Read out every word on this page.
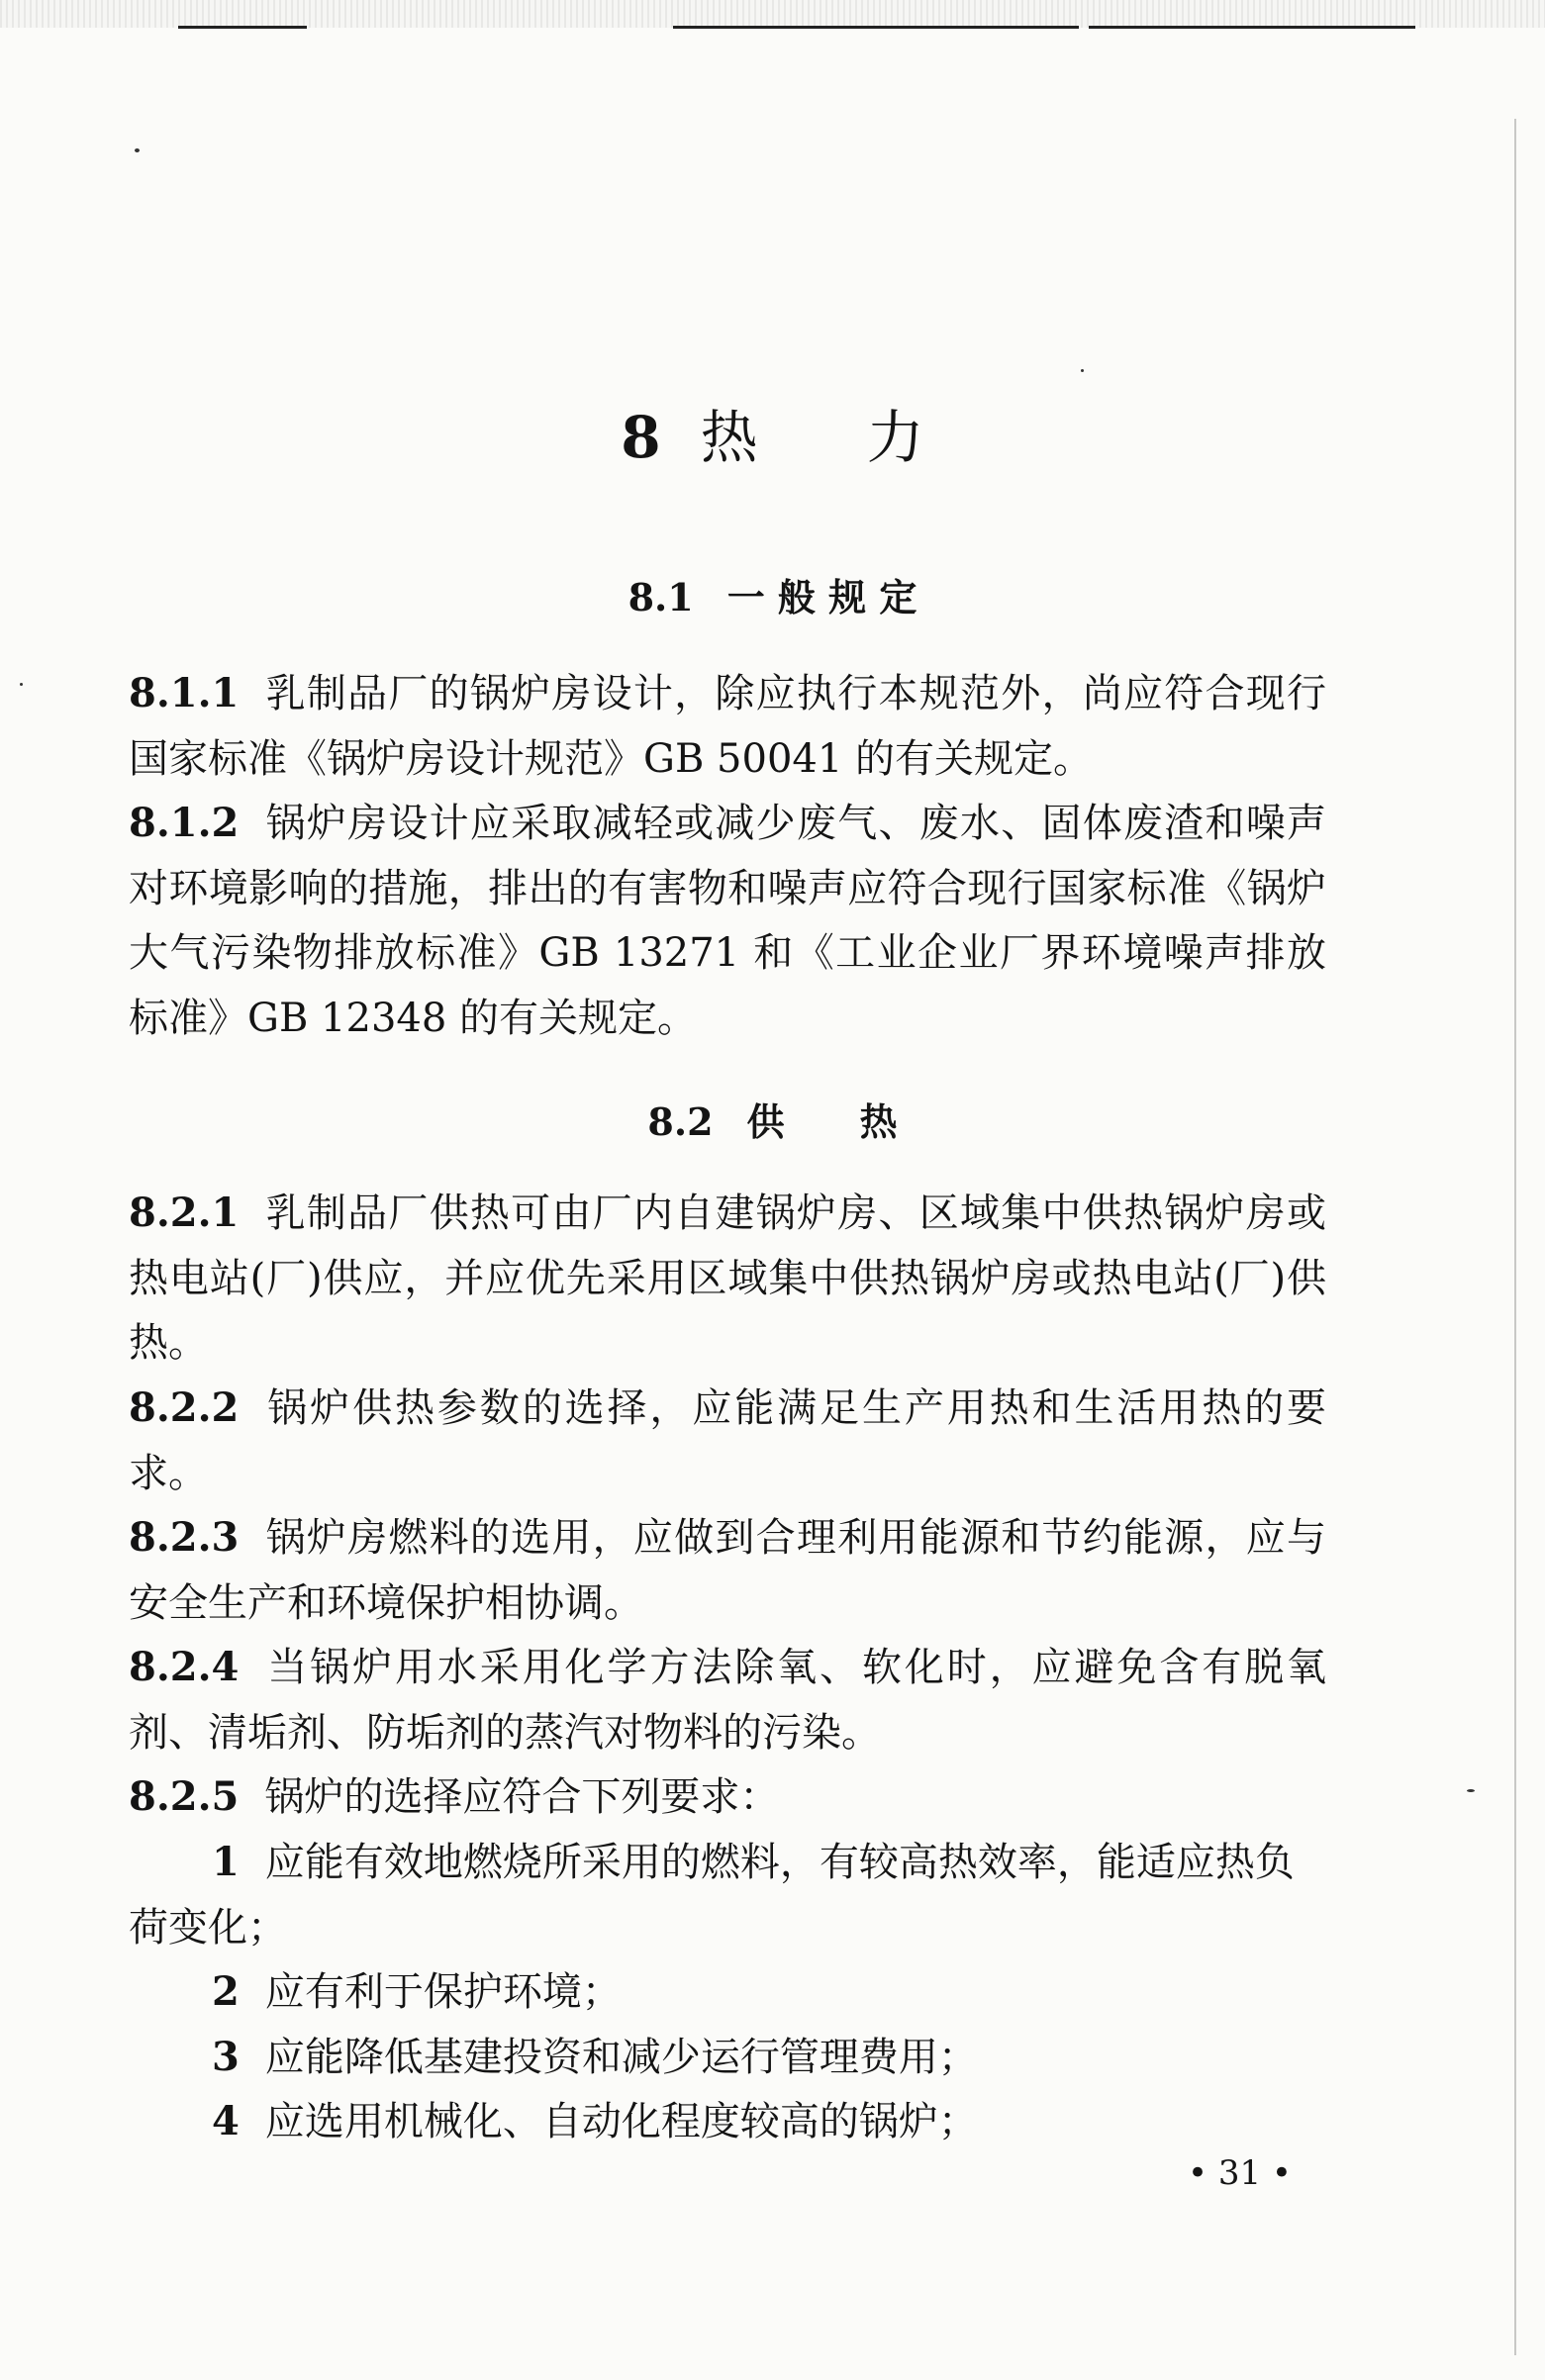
8 热 力
8.1 一 般 规 定
8.1.1 乳制品厂的锅炉房设计，除应执行本规范外，尚应符合现行国家标准《锅炉房设计规范》GB 50041 的有关规定。
8.1.2 锅炉房设计应采取减轻或减少废气、废水、固体废渣和噪声对环境影响的措施，排出的有害物和噪声应符合现行国家标准《锅炉大气污染物排放标准》GB 13271 和《工业企业厂界环境噪声排放标准》GB 12348 的有关规定。
8.2 供　　热
8.2.1 乳制品厂供热可由厂内自建锅炉房、区域集中供热锅炉房或热电站(厂)供应，并应优先采用区域集中供热锅炉房或热电站(厂)供热。
8.2.2 锅炉供热参数的选择，应能满足生产用热和生活用热的要求。
8.2.3 锅炉房燃料的选用，应做到合理利用能源和节约能源，应与安全生产和环境保护相协调。
8.2.4 当锅炉用水采用化学方法除氧、软化时，应避免含有脱氧剂、清垢剂、防垢剂的蒸汽对物料的污染。
8.2.5 锅炉的选择应符合下列要求：
1 应能有效地燃烧所采用的燃料，有较高热效率，能适应热负荷变化；
2 应有利于保护环境；
3 应能降低基建投资和减少运行管理费用；
4 应选用机械化、自动化程度较高的锅炉；
• 31 •
